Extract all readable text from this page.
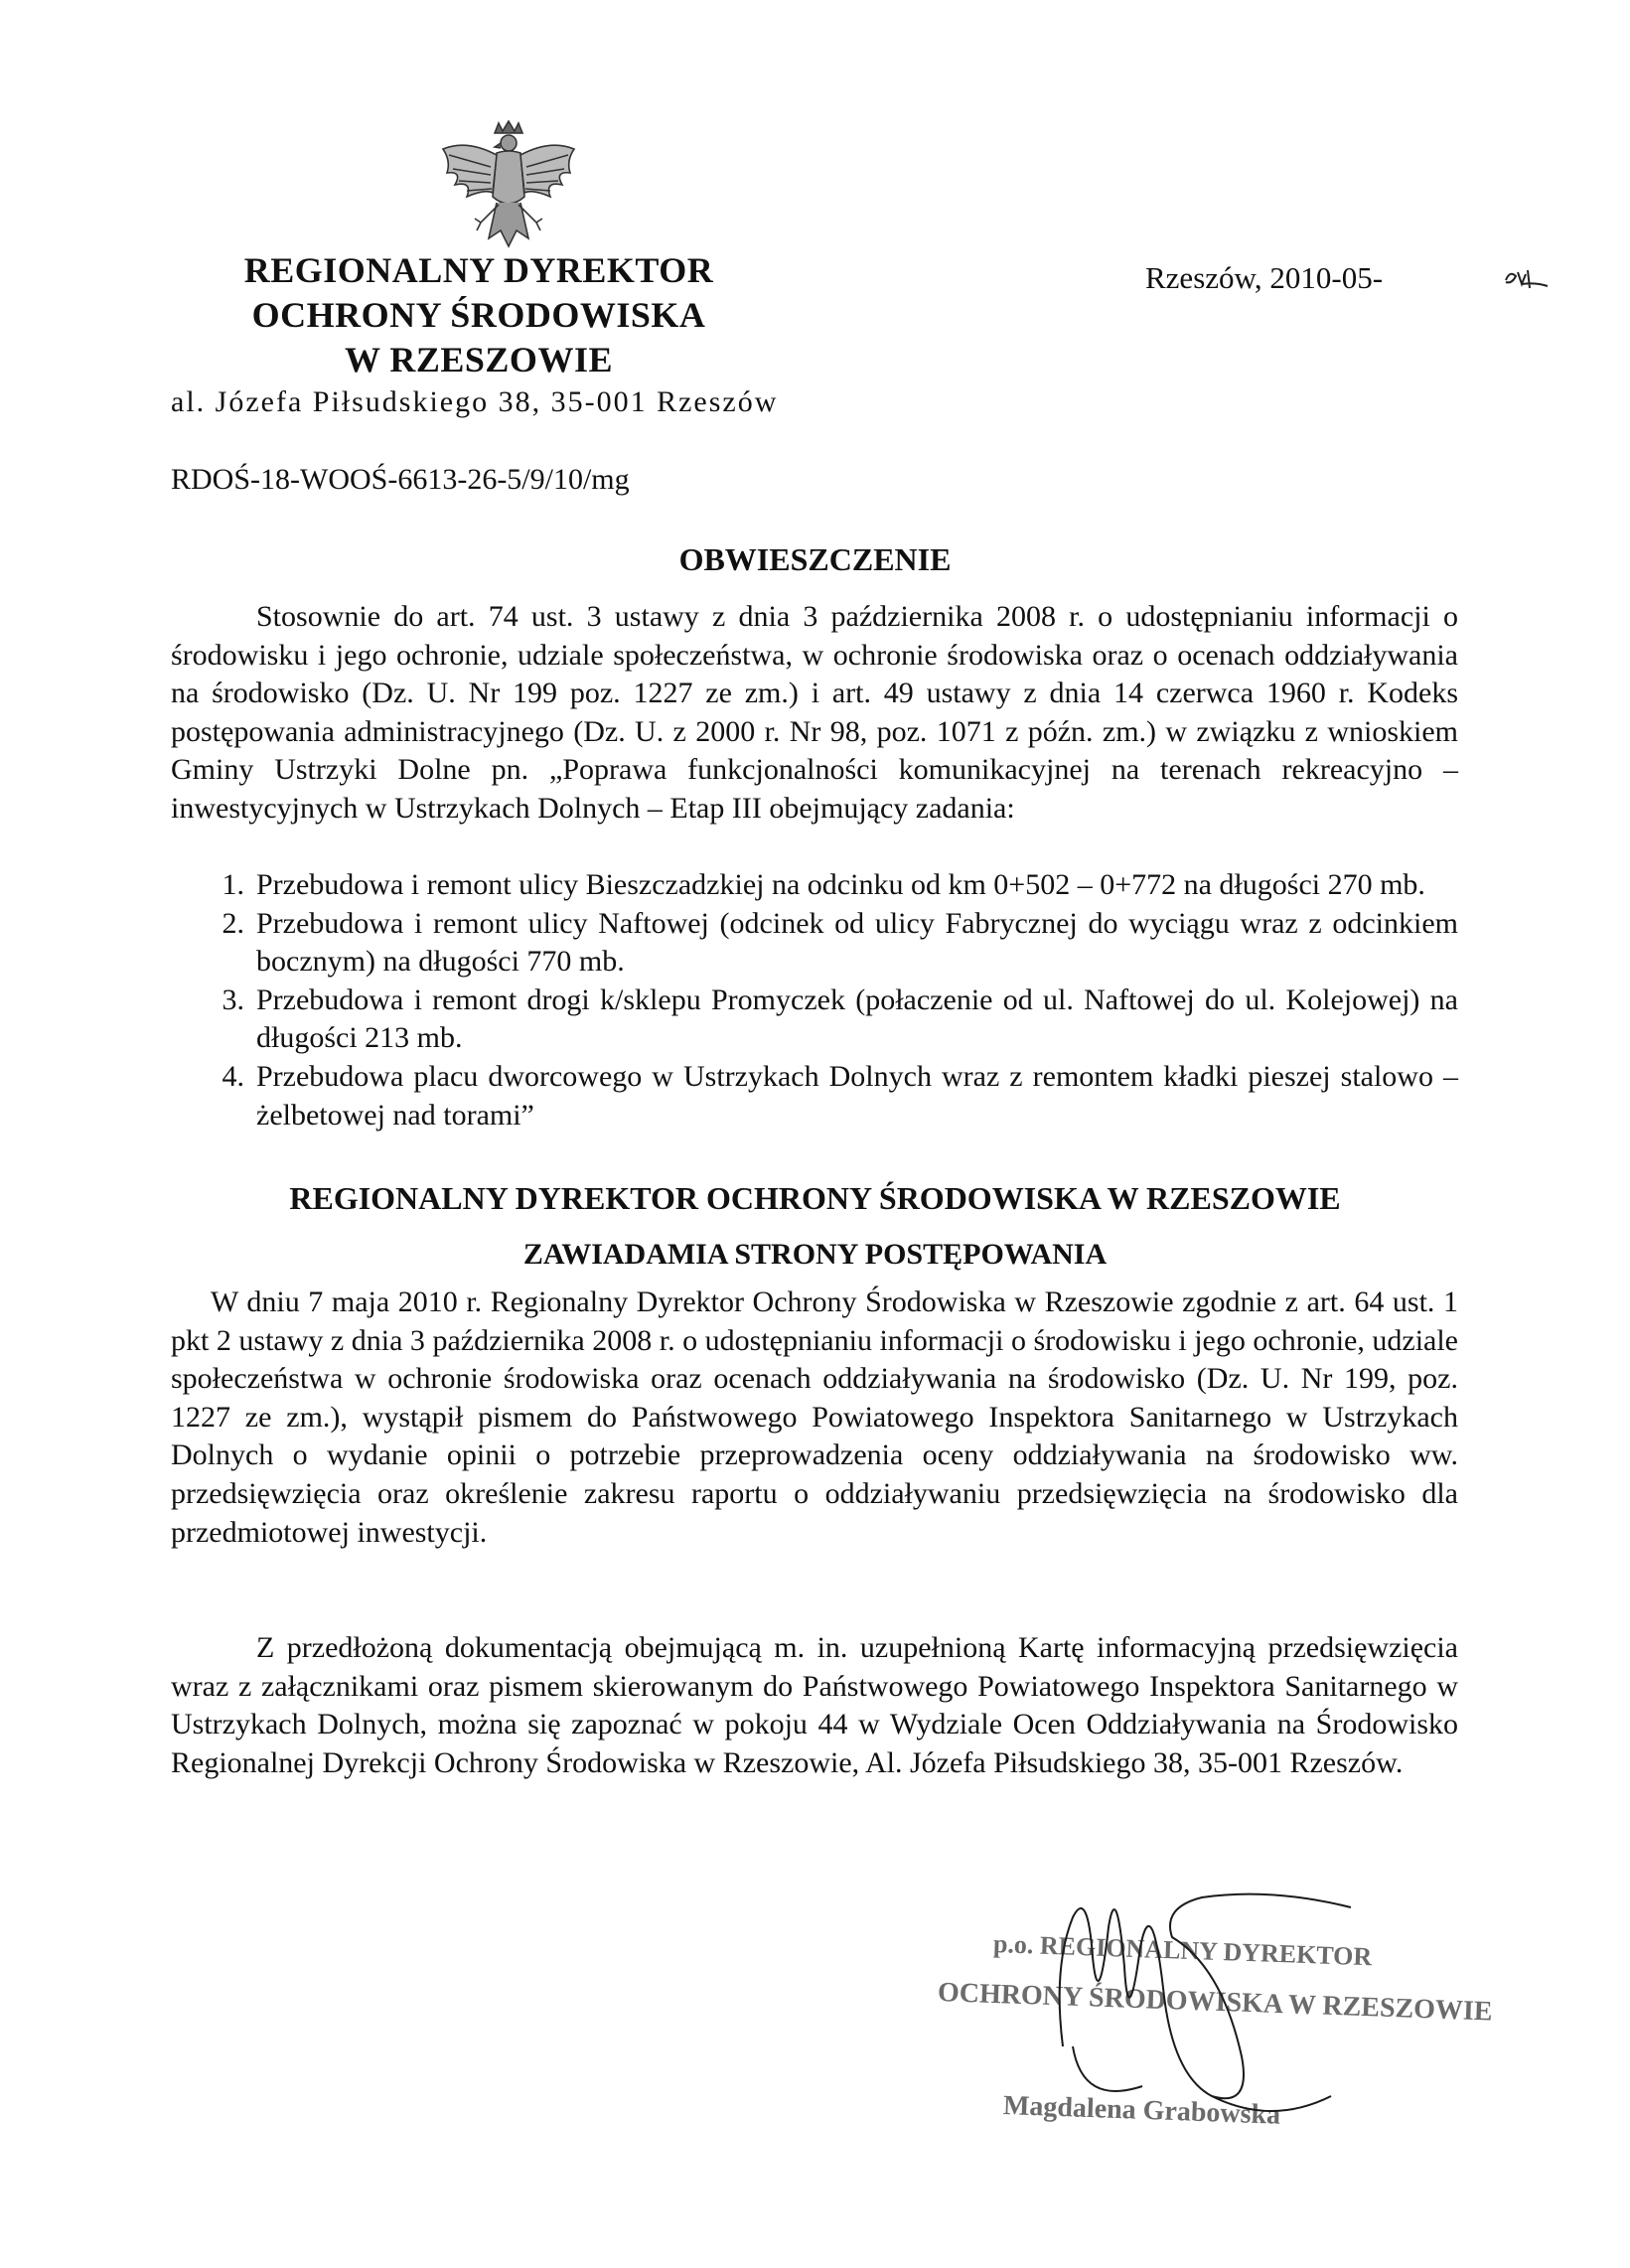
REGIONALNY DYREKTOR
OCHRONY ŚRODOWISKA
W RZESZOWIE
al. Józefa Piłsudskiego 38, 35-001 Rzeszów
Rzeszów, 2010-05-
RDOŚ-18-WOOŚ-6613-26-5/9/10/mg
OBWIESZCZENIE
Stosownie do art. 74 ust. 3 ustawy z dnia 3 października 2008 r. o udostępnianiu informacji o środowisku i jego ochronie, udziale społeczeństwa, w ochronie środowiska oraz o ocenach oddziaływania na środowisko (Dz. U. Nr 199 poz. 1227 ze zm.) i art. 49 ustawy z dnia 14 czerwca 1960 r. Kodeks postępowania administracyjnego (Dz. U. z 2000 r. Nr 98, poz. 1071 z późn. zm.) w związku z wnioskiem Gminy Ustrzyki Dolne pn. „Poprawa funkcjonalności komunikacyjnej na terenach rekreacyjno – inwestycyjnych w Ustrzykach Dolnych – Etap III obejmujący zadania:
1. Przebudowa i remont ulicy Bieszczadzkiej na odcinku od km 0+502 – 0+772 na długości 270 mb.
2. Przebudowa i remont ulicy Naftowej (odcinek od ulicy Fabrycznej do wyciągu wraz z odcinkiem bocznym) na długości 770 mb.
3. Przebudowa i remont drogi k/sklepu Promyczek (połaczenie od ul. Naftowej do ul. Kolejowej) na długości 213 mb.
4. Przebudowa placu dworcowego w Ustrzykach Dolnych wraz z remontem kładki pieszej stalowo – żelbetowej nad torami”
REGIONALNY DYREKTOR OCHRONY ŚRODOWISKA W RZESZOWIE
ZAWIADAMIA STRONY POSTĘPOWANIA
W dniu 7 maja 2010 r. Regionalny Dyrektor Ochrony Środowiska w Rzeszowie zgodnie z art. 64 ust. 1 pkt 2 ustawy z dnia 3 października 2008 r. o udostępnianiu informacji o środowisku i jego ochronie, udziale społeczeństwa w ochronie środowiska oraz ocenach oddziaływania na środowisko (Dz. U. Nr 199, poz. 1227 ze zm.), wystąpił pismem do Państwowego Powiatowego Inspektora Sanitarnego w Ustrzykach Dolnych o wydanie opinii o potrzebie przeprowadzenia oceny oddziaływania na środowisko ww. przedsięwzięcia oraz określenie zakresu raportu o oddziaływaniu przedsięwzięcia na środowisko dla przedmiotowej inwestycji.
Z przedłożoną dokumentacją obejmującą m. in. uzupełnioną Kartę informacyjną przedsięwzięcia wraz z załącznikami oraz pismem skierowanym do Państwowego Powiatowego Inspektora Sanitarnego w Ustrzykach Dolnych, można się zapoznać w pokoju 44 w Wydziale Ocen Oddziaływania na Środowisko Regionalnej Dyrekcji Ochrony Środowiska w Rzeszowie, Al. Józefa Piłsudskiego 38, 35-001 Rzeszów.
p.o. REGIONALNY DYREKTOR
OCHRONY ŚRODOWISKA W RZESZOWIE
Magdalena Grabowska
